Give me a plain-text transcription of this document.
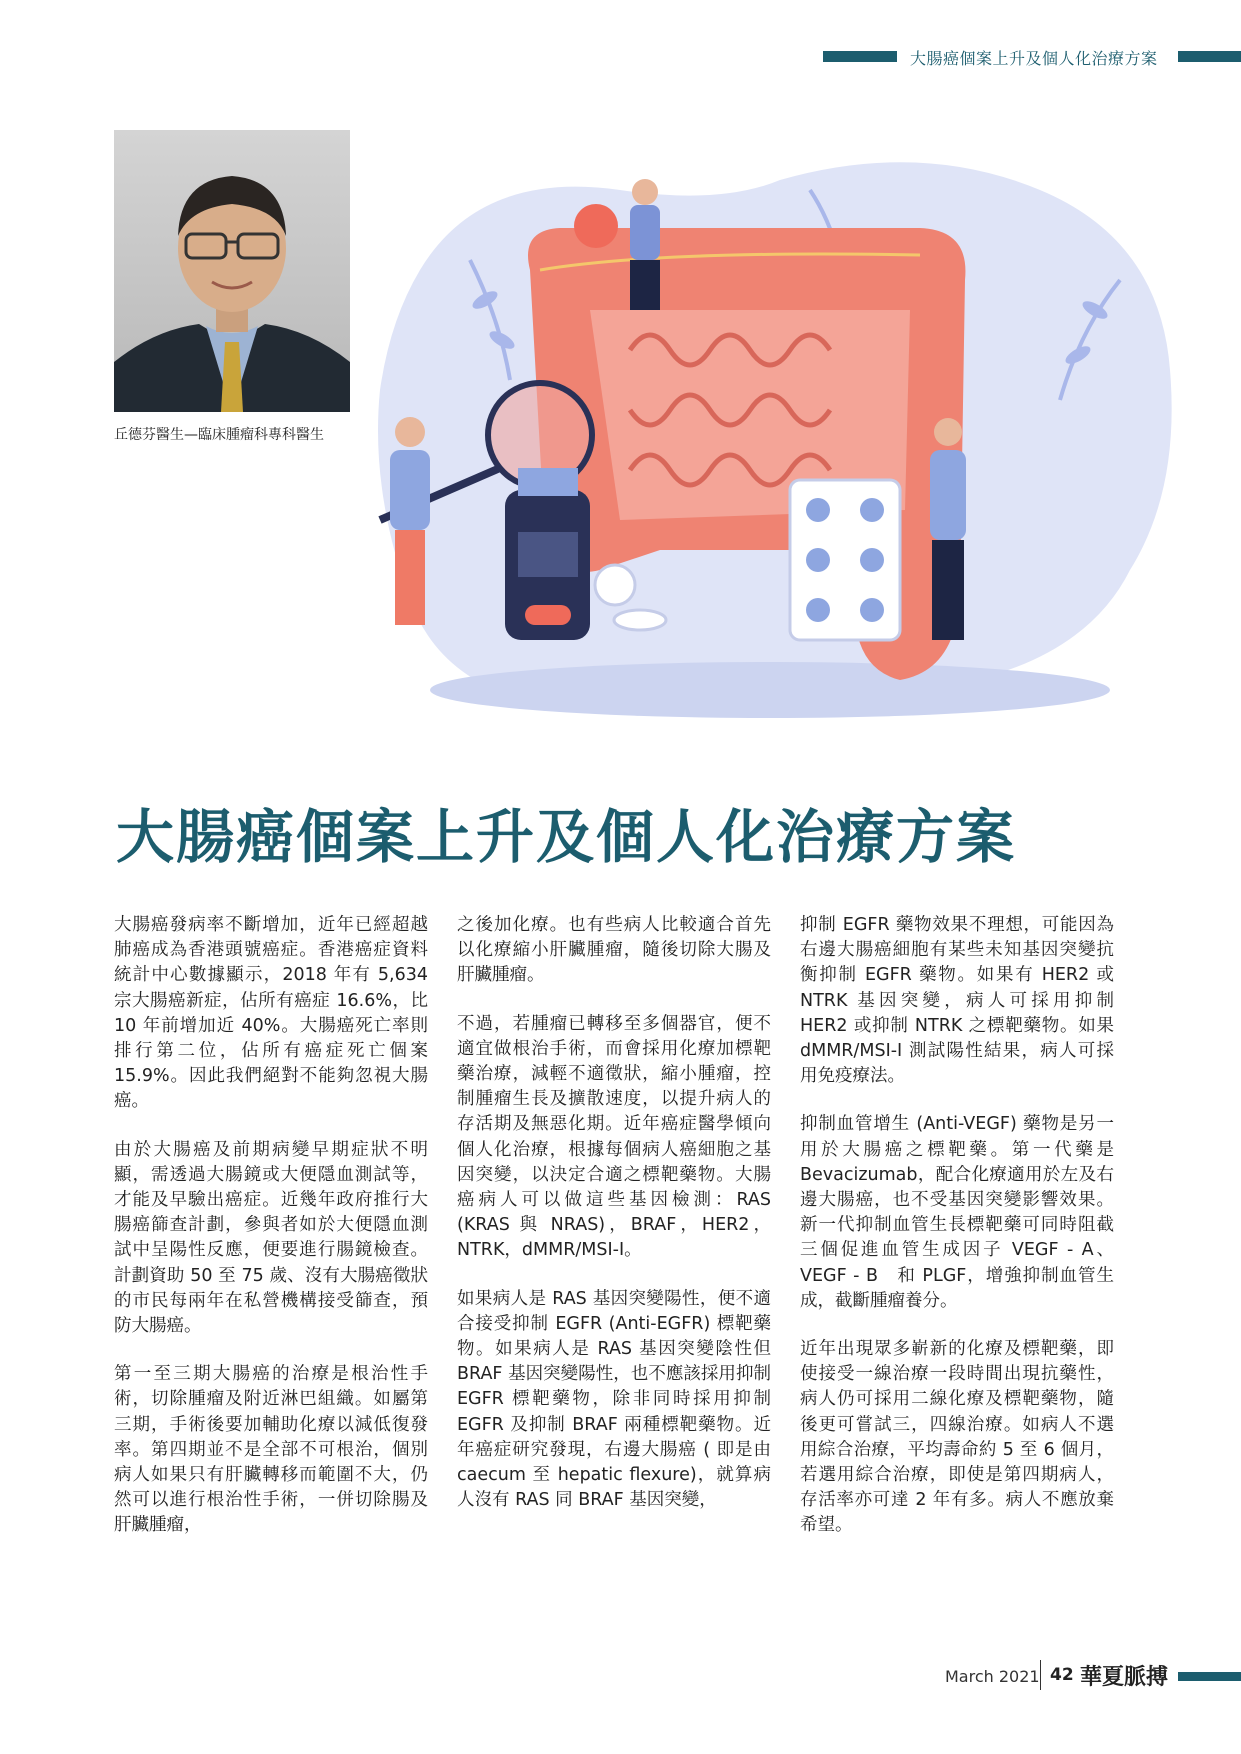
大腸癌個案上升及個人化治療方案
丘德芬醫生—臨床腫瘤科專科醫生
大腸癌個案上升及個人化治療方案

大腸癌發病率不斷增加，近年已經超越肺癌成為香港頭號癌症。香港癌症資料統計中心數據顯示，2018 年有 5,634 宗大腸癌新症，佔所有癌症 16.6%，比 10 年前增加近 40%。大腸癌死亡率則排行第二位，佔所有癌症死亡個案 15.9%。因此我們絕對不能夠忽視大腸癌。

由於大腸癌及前期病變早期症狀不明顯，需透過大腸鏡或大便隱血測試等，才能及早驗出癌症。近幾年政府推行大腸癌篩查計劃，參與者如於大便隱血測試中呈陽性反應，便要進行腸鏡檢查。計劃資助 50 至 75 歲、沒有大腸癌徵狀的市民每兩年在私營機構接受篩查，預防大腸癌。

第一至三期大腸癌的治療是根治性手術，切除腫瘤及附近淋巴組織。如屬第三期，手術後要加輔助化療以減低復發率。第四期並不是全部不可根治，個別病人如果只有肝臟轉移而範圍不大，仍然可以進行根治性手術，一併切除腸及肝臟腫瘤，

之後加化療。也有些病人比較適合首先以化療縮小肝臟腫瘤，隨後切除大腸及肝臟腫瘤。

不過，若腫瘤已轉移至多個器官，便不適宜做根治手術，而會採用化療加標靶藥治療，減輕不適徵狀，縮小腫瘤，控制腫瘤生長及擴散速度，以提升病人的存活期及無惡化期。近年癌症醫學傾向個人化治療，根據每個病人癌細胞之基因突變，以決定合適之標靶藥物。大腸癌病人可以做這些基因檢測：RAS (KRAS 與 NRAS)，BRAF，HER2，NTRK，dMMR/MSI-I。

如果病人是 RAS 基因突變陽性，便不適合接受抑制 EGFR (Anti-EGFR) 標靶藥物。如果病人是 RAS 基因突變陰性但 BRAF 基因突變陽性，也不應該採用抑制 EGFR 標靶藥物，除非同時採用抑制 EGFR 及抑制 BRAF 兩種標靶藥物。近年癌症研究發現，右邊大腸癌 ( 即是由 caecum 至 hepatic flexure)，就算病人沒有 RAS 同 BRAF 基因突變，

抑制 EGFR 藥物效果不理想，可能因為右邊大腸癌細胞有某些未知基因突變抗衡抑制 EGFR 藥物。如果有 HER2 或 NTRK 基因突變，病人可採用抑制 HER2 或抑制 NTRK 之標靶藥物。如果 dMMR/MSI-I 測試陽性結果，病人可採用免疫療法。

抑制血管增生 (Anti-VEGF) 藥物是另一用於大腸癌之標靶藥。第一代藥是 Bevacizumab，配合化療適用於左及右邊大腸癌，也不受基因突變影響效果。新一代抑制血管生長標靶藥可同時阻截三個促進血管生成因子 VEGF - A、VEGF - B　和 PLGF，增強抑制血管生成，截斷腫瘤養分。

近年出現眾多嶄新的化療及標靶藥，即使接受一線治療一段時間出現抗藥性，病人仍可採用二線化療及標靶藥物，隨後更可嘗試三，四線治療。如病人不選用綜合治療，平均壽命約 5 至 6 個月，若選用綜合治療，即使是第四期病人，存活率亦可達 2 年有多。病人不應放棄希望。

March 2021 42 華夏脈搏
